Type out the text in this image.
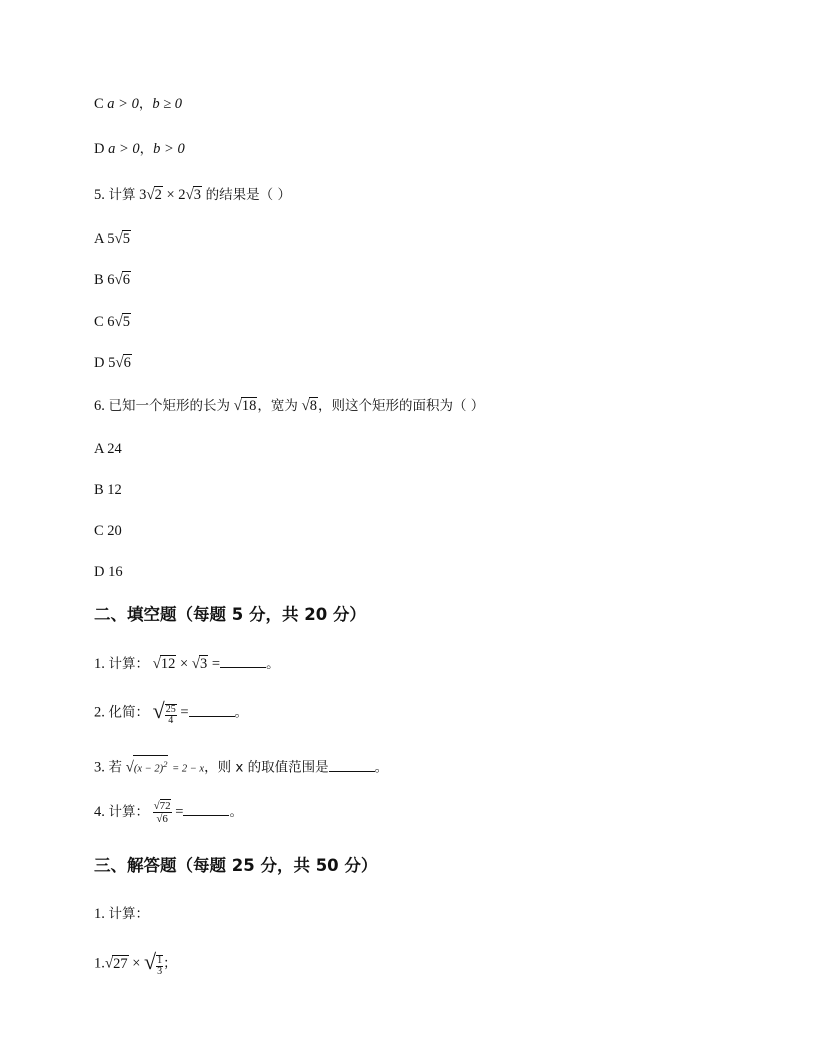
C a > 0，b ≥ 0
D a > 0，b > 0
5. 计算 3√2 × 2√3 的结果是（ ）
A 5√5
B 6√6
C 6√5
D 5√6
6. 已知一个矩形的长为 √18，宽为 √8，则这个矩形的面积为（ ）
A 24
B 12
C 20
D 16
二、填空题（每题 5 分，共 20 分）
1. 计算： √12 × √3 =	。
2. 化简： √ $\frac{25}{4}$ =	。
3. 若 $√(x - 2)^2 = 2 - x$，则 x 的取值范围是	。
4. 计算： $\frac{√72}{√6}$ =	。
三、解答题（每题 25 分，共 50 分）
1. 计算：
1.√27 × √ $\frac{1}{3}$ ；
